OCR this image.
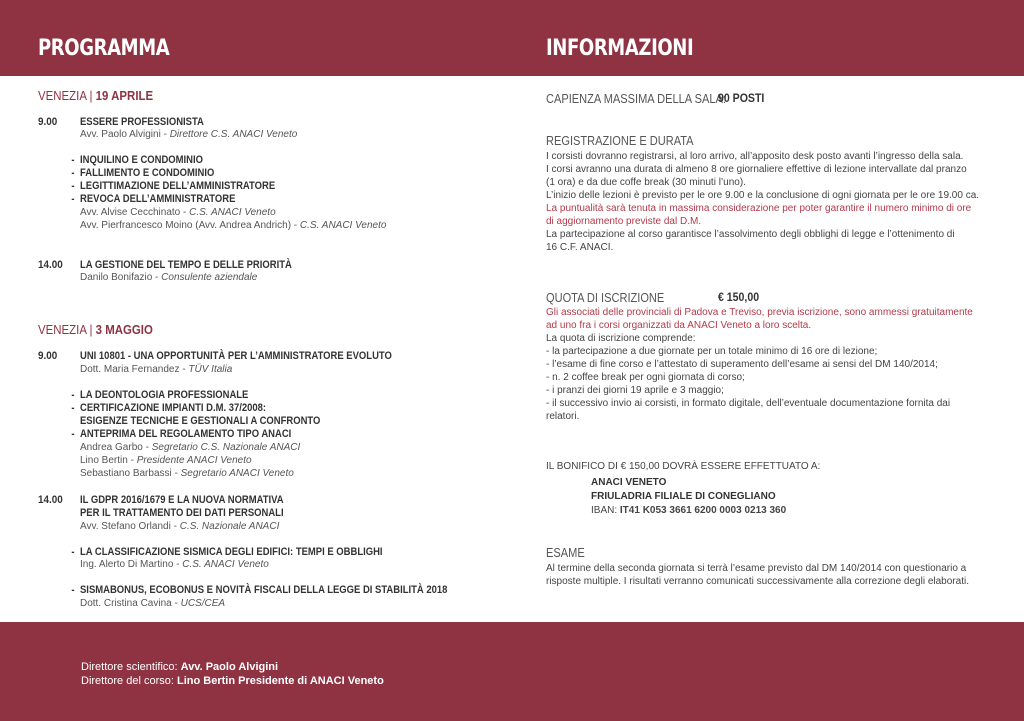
PROGRAMMA	INFORMAZIONI
VENEZIA | 19 APRILE
9.00 ESSERE PROFESSIONISTA
Avv. Paolo Alvigini - Direttore C.S. ANACI Veneto
- INQUILINO E CONDOMINIO
- FALLIMENTO E CONDOMINIO
- LEGITTIMAZIONE DELL’AMMINISTRATORE
- REVOCA DELL’AMMINISTRATORE
Avv. Alvise Cecchinato - C.S. ANACI Veneto
Avv. Pierfrancesco Moino (Avv. Andrea Andrich) - C.S. ANACI Veneto
14.00 LA GESTIONE DEL TEMPO E DELLE PRIORITÀ
Danilo Bonifazio - Consulente aziendale
VENEZIA | 3 MAGGIO
9.00 UNI 10801 - UNA OPPORTUNITÀ PER L’AMMINISTRATORE EVOLUTO
Dott. Maria Fernandez - TÜV Italia
- LA DEONTOLOGIA PROFESSIONALE
- CERTIFICAZIONE IMPIANTI D.M. 37/2008:
ESIGENZE TECNICHE E GESTIONALI A CONFRONTO
- ANTEPRIMA DEL REGOLAMENTO TIPO ANACI
Andrea Garbo - Segretario C.S. Nazionale ANACI
Lino Bertin - Presidente ANACI Veneto
Sebastiano Barbassi - Segretario ANACI Veneto
14.00 IL GDPR 2016/1679 E LA NUOVA NORMATIVA
PER IL TRATTAMENTO DEI DATI PERSONALI
Avv. Stefano Orlandi - C.S. Nazionale ANACI
- LA CLASSIFICAZIONE SISMICA DEGLI EDIFICI: TEMPI E OBBLIGHI
Ing. Alerto Di Martino - C.S. ANACI Veneto
- SISMABONUS, ECOBONUS E NOVITÀ FISCALI DELLA LEGGE DI STABILITÀ 2018
Dott. Cristina Cavina - UCS/CEA
CAPIENZA MASSIMA DELLA SALA:
90 POSTI
REGISTRAZIONE E DURATA
I corsisti dovranno registrarsi, al loro arrivo, all’apposito desk posto avanti l’ingresso della sala.
I corsi avranno una durata di almeno 8 ore giornaliere effettive di lezione intervallate dal pranzo
(1 ora) e da due coffe break (30 minuti l’uno).
L’inizio delle lezioni è previsto per le ore 9.00 e la conclusione di ogni giornata per le ore 19.00 ca.
La puntualità sarà tenuta in massima considerazione per poter garantire il numero minimo di ore
di aggiornamento previste dal D.M.
La partecipazione al corso garantisce l’assolvimento degli obblighi di legge e l’ottenimento di
16 C.F. ANACI.
QUOTA DI ISCRIZIONE	€ 150,00
Gli associati delle provinciali di Padova e Treviso, previa iscrizione, sono ammessi gratuitamente
ad uno fra i corsi organizzati da ANACI Veneto a loro scelta.
La quota di iscrizione comprende:
- la partecipazione a due giornate per un totale minimo di 16 ore di lezione;
- l’esame di fine corso e l’attestato di superamento dell’esame ai sensi del DM 140/2014;
- n. 2 coffee break per ogni giornata di corso;
- i pranzi dei giorni 19 aprile e 3 maggio;
- il successivo invio ai corsisti, in formato digitale, dell’eventuale documentazione fornita dai
relatori.
IL BONIFICO DI € 150,00 DOVRÀ ESSERE EFFETTUATO A:
ANACI VENETO
FRIULADRIA FILIALE DI CONEGLIANO
IBAN: IT41 K053 3661 6200 0003 0213 360
ESAME
Al termine della seconda giornata si terrà l’esame previsto dal DM 140/2014 con questionario a
risposte multiple. I risultati verranno comunicati successivamente alla correzione degli elaborati.
Direttore scientifico: Avv. Paolo Alvigini
Direttore del corso: Lino Bertin Presidente di ANACI Veneto
